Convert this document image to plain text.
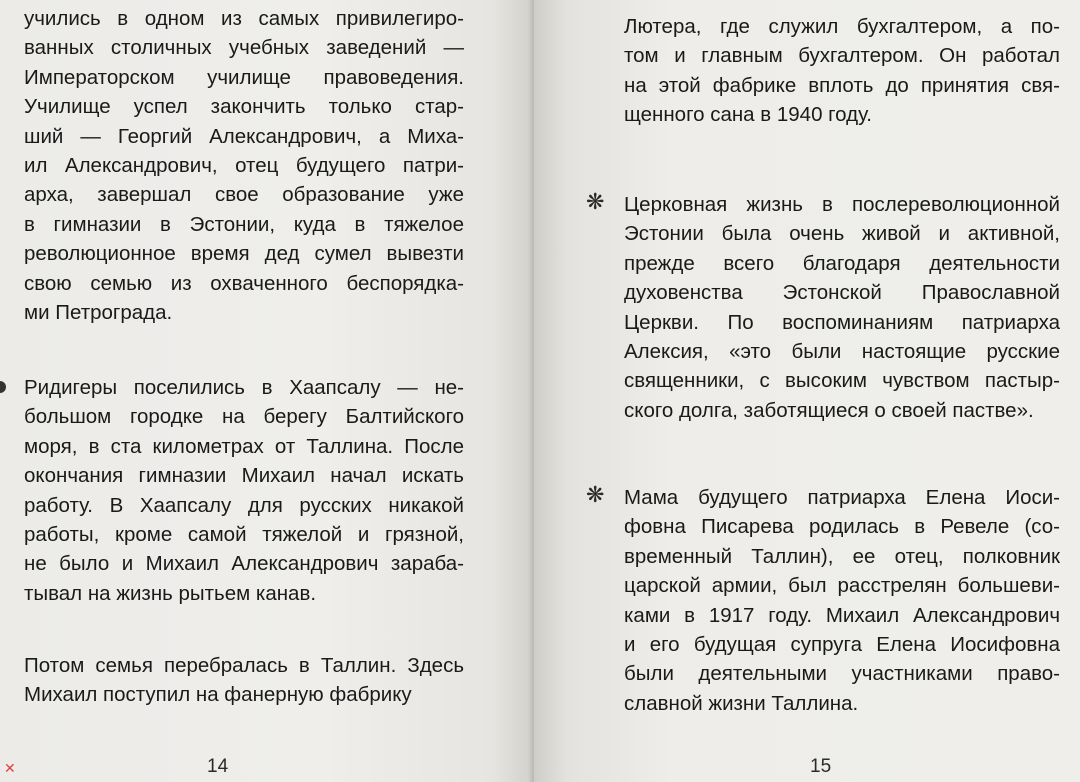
учились в одном из самых привилегиро-
ванных столичных учебных заведений —
Императорском училище правоведения.
Училище успел закончить только стар-
ший — Георгий Александрович, а Миха-
ил Александрович, отец будущего патри-
арха, завершал свое образование уже
в гимназии в Эстонии, куда в тяжелое
революционное время дед сумел вывезти
свою семью из охваченного беспорядка-
ми Петрограда.
Ридигеры поселились в Хаапсалу — не-
большом городке на берегу Балтийского
моря, в ста километрах от Таллина. После
окончания гимназии Михаил начал искать
работу. В Хаапсалу для русских никакой
работы, кроме самой тяжелой и грязной,
не было и Михаил Александрович зараба-
тывал на жизнь рытьем канав.
Потом семья перебралась в Таллин. Здесь
Михаил поступил на фанерную фабрику
14
✕
Лютера, где служил бухгалтером, а по-
том и главным бухгалтером. Он работал
на этой фабрике вплоть до принятия свя-
щенного сана в 1940 году.
❋ Церковная жизнь в послереволюционной
Эстонии была очень живой и активной,
прежде всего благодаря деятельности
духовенства Эстонской Православной
Церкви. По воспоминаниям патриарха
Алексия, «это были настоящие русские
священники, с высоким чувством пастыр-
ского долга, заботящиеся о своей пастве».
❋ Мама будущего патриарха Елена Иоси-
фовна Писарева родилась в Ревеле (со-
временный Таллин), ее отец, полковник
царской армии, был расстрелян большеви-
ками в 1917 году. Михаил Александрович
и его будущая супруга Елена Иосифовна
были деятельными участниками право-
славной жизни Таллина.
15
